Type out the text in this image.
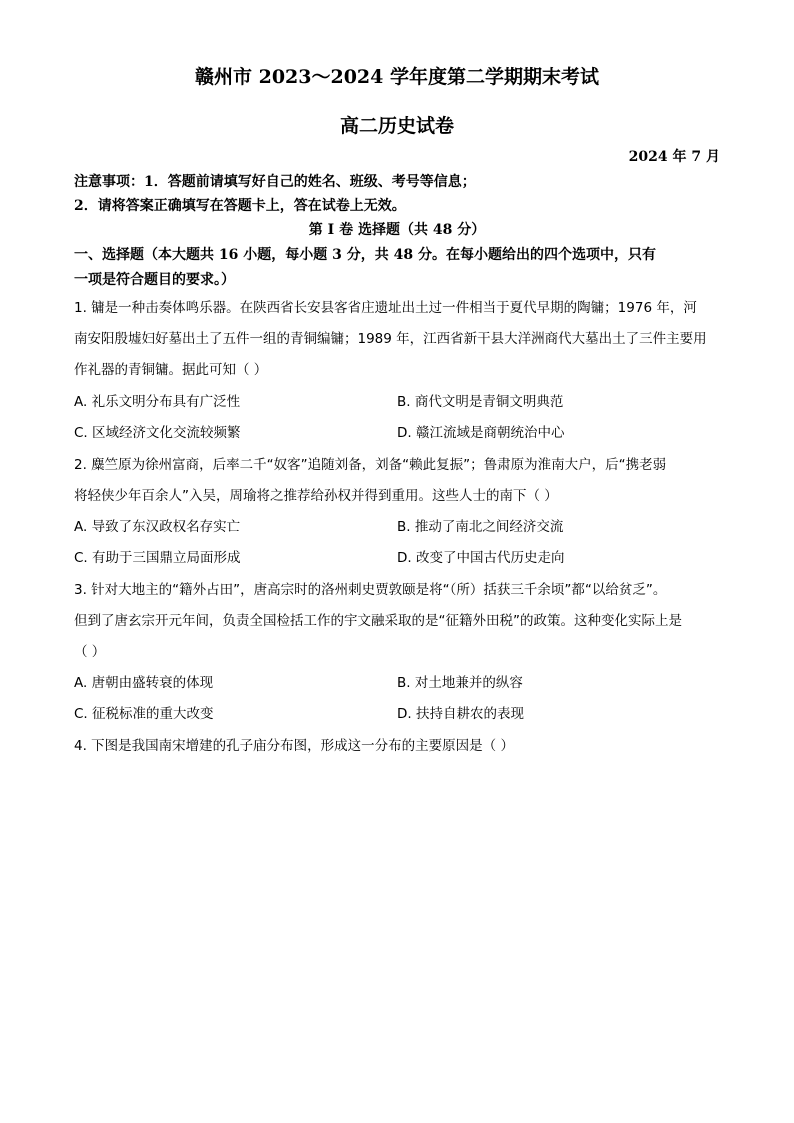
赣州市 2023～2024 学年度第二学期期末考试
高二历史试卷
2024 年 7 月
注意事项：1．答题前请填写好自己的姓名、班级、考号等信息；
2．请将答案正确填写在答题卡上，答在试卷上无效。
第 I 卷 选择题（共 48 分）
一、选择题（本大题共 16 小题，每小题 3 分，共 48 分。在每小题给出的四个选项中，只有
一项是符合题目的要求。）
1. 镛是一种击奏体鸣乐器。在陕西省长安县客省庄遗址出土过一件相当于夏代早期的陶镛；1976 年，河
南安阳殷墟妇好墓出土了五件一组的青铜编镛；1989 年，江西省新干县大洋洲商代大墓出土了三件主要用
作礼器的青铜镛。据此可知（ ）
A. 礼乐文明分布具有广泛性	B. 商代文明是青铜文明典范
C. 区域经济文化交流较频繁	D. 赣江流域是商朝统治中心
2. 麋竺原为徐州富商，后率二千“奴客”追随刘备，刘备“赖此复振”；鲁肃原为淮南大户，后“携老弱
将轻侠少年百余人”入吴，周瑜将之推荐给孙权并得到重用。这些人士的南下（ ）
A. 导致了东汉政权名存实亡	B. 推动了南北之间经济交流
C. 有助于三国鼎立局面形成	D. 改变了中国古代历史走向
3. 针对大地主的“籍外占田”，唐高宗时的洛州刺史贾敦颐是将“（所）括获三千余顷”都“以给贫乏”。
但到了唐玄宗开元年间，负责全国检括工作的宇文融采取的是“征籍外田税”的政策。这种变化实际上是
（ ）
A. 唐朝由盛转衰的体现	B. 对土地兼并的纵容
C. 征税标准的重大改变	D. 扶持自耕农的表现
4. 下图是我国南宋增建的孔子庙分布图，形成这一分布的主要原因是（ ）
